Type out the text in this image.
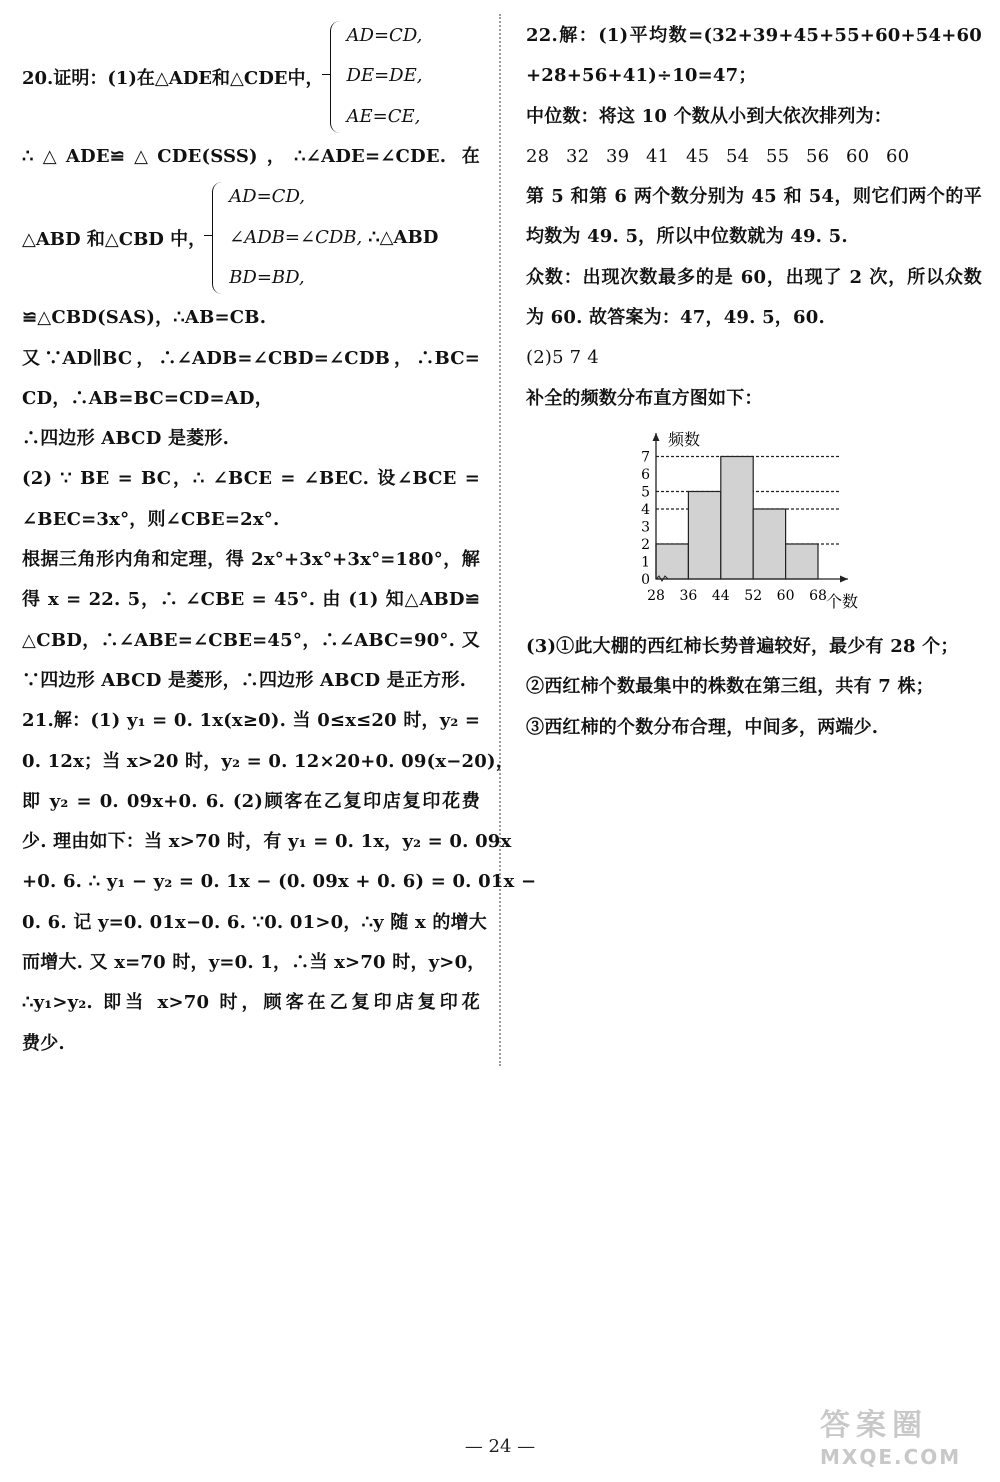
20.证明：(1)在△ADE和△CDE中，
AD=CD,
DE=DE,
AE=CE,
∴△ADE≌△CDE(SSS)，∴∠ADE=∠CDE. 在
△ABD 和△CBD 中，
AD=CD,
∠ADB=∠CDB,
BD=BD,
∴△ABD
≌△CBD(SAS)，∴AB=CB.
又∵AD∥BC，∴∠ADB=∠CBD=∠CDB，∴BC=
CD，∴AB=BC=CD=AD，
∴四边形 ABCD 是菱形.
(2) ∵ BE = BC，∴ ∠BCE = ∠BEC. 设∠BCE =
∠BEC=3x°，则∠CBE=2x°.
根据三角形内角和定理，得 2x°+3x°+3x°=180°，解
得 x = 22. 5，∴ ∠CBE = 45°. 由 (1) 知△ABD≌
△CBD，∴∠ABE=∠CBE=45°，∴∠ABC=90°. 又
∵四边形 ABCD 是菱形，∴四边形 ABCD 是正方形.
21.解：(1) y₁ = 0. 1x(x≥0). 当 0≤x≤20 时，y₂ =
0. 12x；当 x>20 时，y₂ = 0. 12×20+0. 09(x−20)，
即 y₂ = 0. 09x+0. 6. (2)顾客在乙复印店复印花费
少. 理由如下：当 x>70 时，有 y₁ = 0. 1x，y₂ = 0. 09x
+0. 6. ∴ y₁ − y₂ = 0. 1x − (0. 09x + 0. 6) = 0. 01x −
0. 6. 记 y=0. 01x−0. 6. ∵0. 01>0，∴y 随 x 的增大
而增大. 又 x=70 时，y=0. 1，∴当 x>70 时，y>0，
∴y₁>y₂. 即当 x>70 时，顾客在乙复印店复印花
费少.
22.解：(1)平均数=(32+39+45+55+60+54+60
+28+56+41)÷10=47；
中位数：将这 10 个数从小到大依次排列为：
28 32 39 41 45 54 55 56 60 60
第 5 和第 6 两个数分别为 45 和 54，则它们两个的平
均数为 49. 5，所以中位数就为 49. 5.
众数：出现次数最多的是 60，出现了 2 次，所以众数
为 60. 故答案为：47，49. 5，60.
(2)5 7 4
补全的频数分布直方图如下：
0
1
2
3
4
5
6
7
28 36 44 52 60 68
频数
个数
(3)①此大棚的西红柿长势普遍较好，最少有 28 个；
②西红柿个数最集中的株数在第三组，共有 7 株；
③西红柿的个数分布合理，中间多，两端少.
— 24 —
答案圈
MXQE.COM
